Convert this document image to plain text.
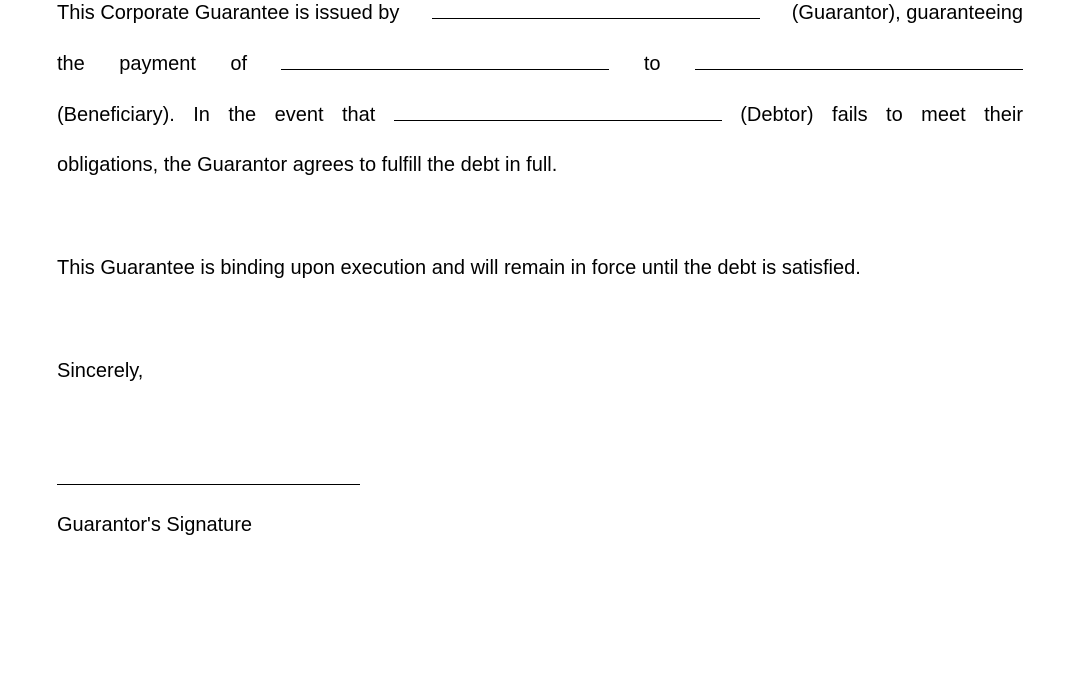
This Corporate Guarantee is issued by	(Guarantor), guaranteeing
the payment of	to
(Beneficiary). In the event that	(Debtor) fails to meet their
obligations, the Guarantor agrees to fulfill the debt in full.
This Guarantee is binding upon execution and will remain in force until the debt is satisfied.
Sincerely,
Guarantor's Signature
